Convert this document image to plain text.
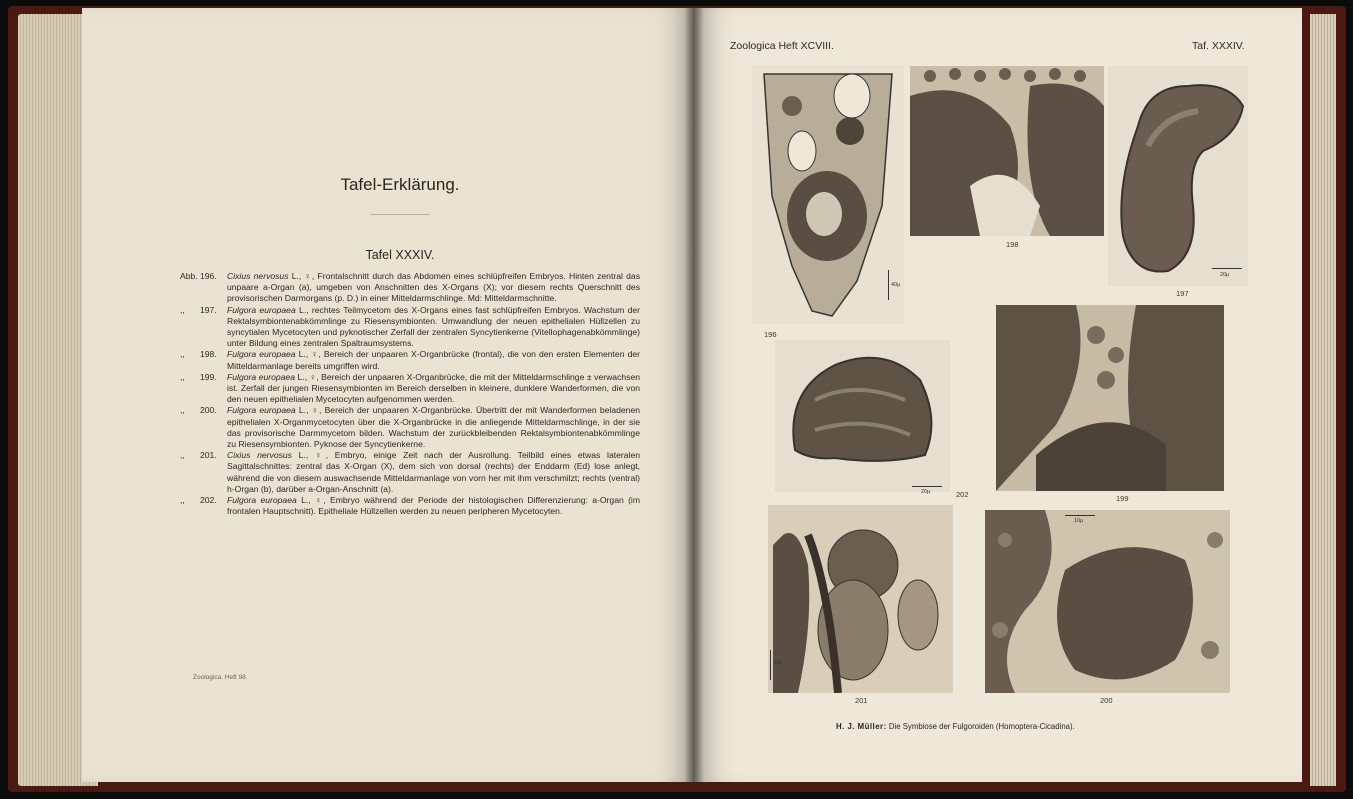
Tafel-Erklärung.
Tafel XXXIV.

Abb. 196.	Cixius nervosus L., ♀, Frontalschnitt durch das Abdomen eines schlüpfreifen Embryos. Hinten zentral das unpaare a-Organ (a), umgeben von Anschnitten des X-Organs (X); vor diesem rechts Querschnitt des provisorischen Darmorgans (p. D.) in einer Mitteldarmschlinge. Md: Mitteldarmschnitte.

,, 197.	Fulgora europaea L., rechtes Teilmycetom des X-Organs eines fast schlüpfreifen Embryos. Wachstum der Rektalsymbiontenabkömmlinge zu Riesensymbionten. Umwandlung der neuen epithelialen Hüllzellen zu syncytialen Mycetocyten und pyknotischer Zerfall der zentralen Syncytienkerne (Vitellophagenabkömmlinge) unter Bildung eines zentralen Spaltraumsystems.

,, 198.	Fulgora europaea L., ♀, Bereich der unpaaren X-Organbrücke (frontal), die von den ersten Elementen der Mitteldarmanlage bereits umgriffen wird.

,, 199.	Fulgora europaea L., ♀, Bereich der unpaaren X-Organbrücke, die mit der Mitteldarmschlinge ± verwachsen ist. Zerfall der jungen Riesensymbionten im Bereich derselben in kleinere, dunklere Wanderformen, die von den neuen epithelialen Mycetocyten aufgenommen werden.

,, 200.	Fulgora europaea L., ♀, Bereich der unpaaren X-Organbrücke. Übertritt der mit Wanderformen beladenen epithelialen X-Organmycetocyten über die X-Organbrücke in die anliegende Mitteldarmschlinge, in der sie das provisorische Darmmycetom bilden. Wachstum der zurückbleibenden Rektalsymbiontenabkömmlinge zu Riesensymbionten. Pyknose der Syncytienkerne.

,, 201.	Cixius nervosus L., ♀, Embryo, einige Zeit nach der Ausrollung. Teilbild eines etwas lateralen Sagittalschnittes: zentral das X-Organ (X), dem sich von dorsal (rechts) der Enddarm (Ed) lose anlegt, während die von diesem auswachsende Mitteldarmanlage von vorn her mit ihm verschmilzt; rechts (ventral) h-Organ (b), darüber a-Organ-Anschnitt (a).

,, 202.	Fulgora europaea L., ♀, Embryo während der Periode der histologischen Differenzierung: a-Organ (im frontalen Hauptschnitt). Epitheliale Hüllzellen werden zu neuen peripheren Mycetocyten.

Zoologica. Heft 98.
Zoologica Heft XCVIII.	Taf. XXXIV.
196
40μ
198
20μ
197
20μ	202	199
20μ
201
10μ
200
H. J. Müller: Die Symbiose der Fulgoroiden (Homoptera-Cicadina).
